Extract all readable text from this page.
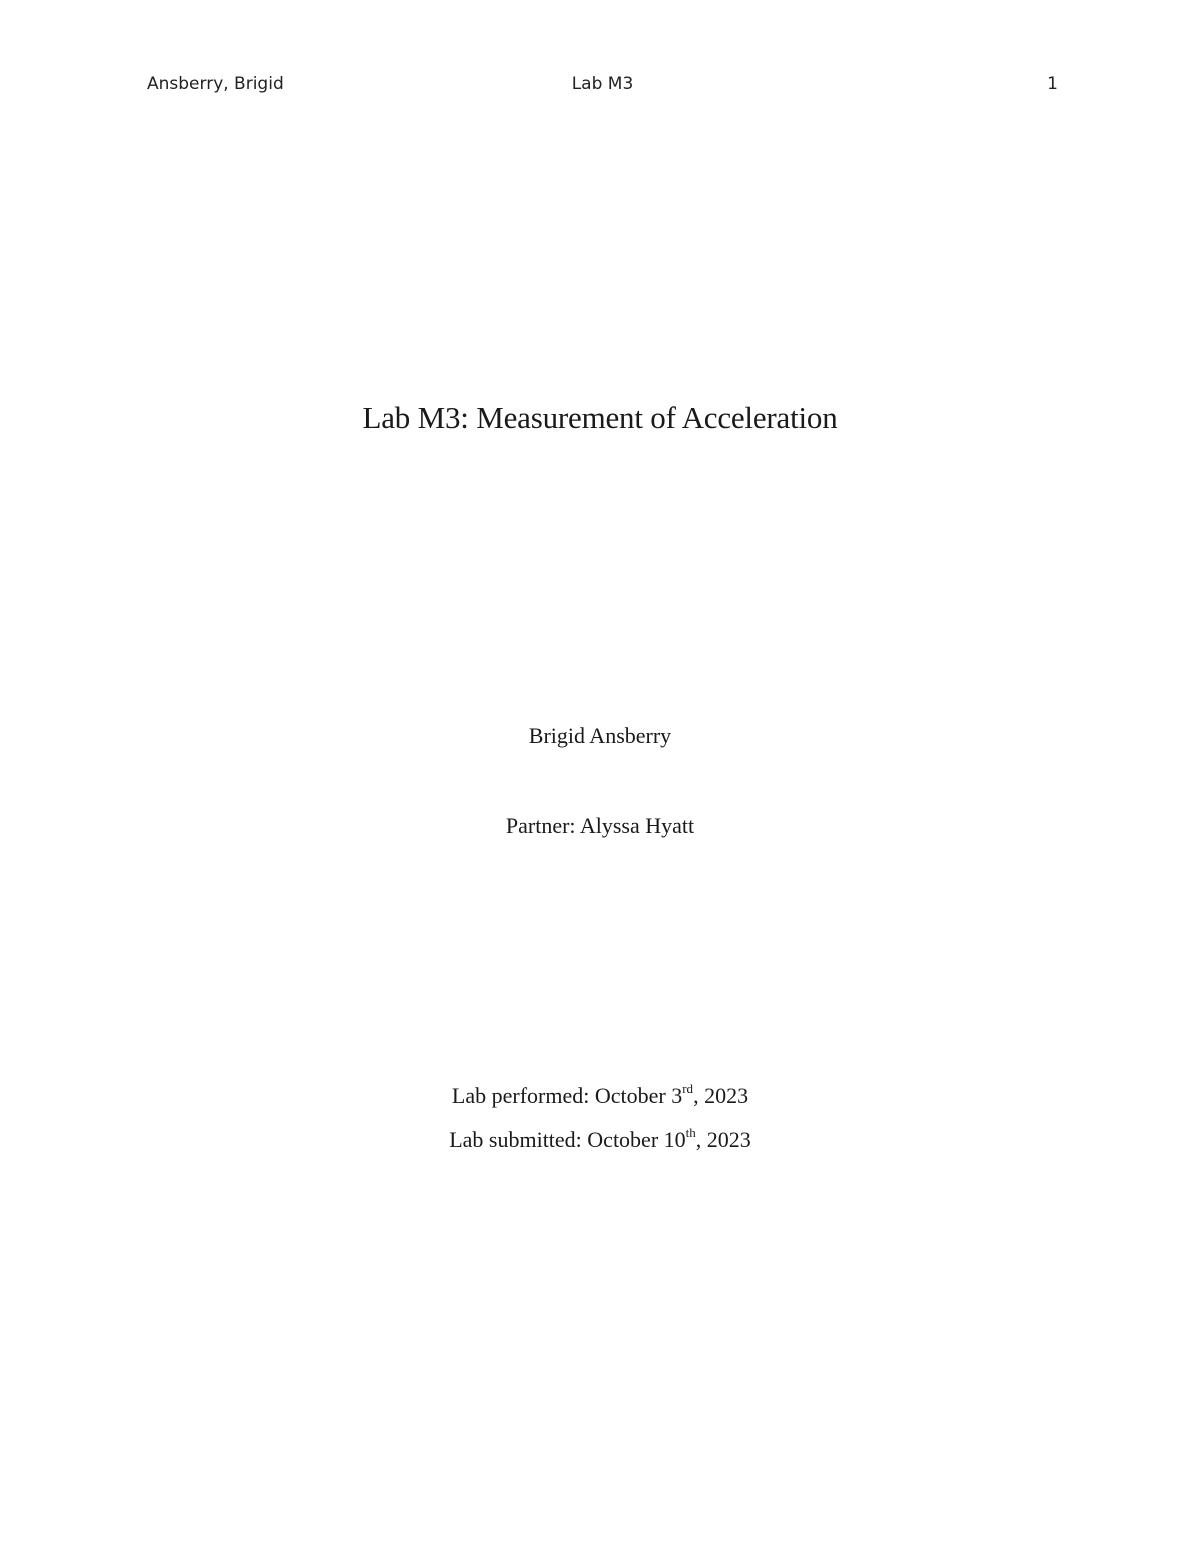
Ansberry, Brigid	Lab M3	1
Lab M3: Measurement of Acceleration
Brigid Ansberry
Partner: Alyssa Hyatt
Lab performed: October 3rd, 2023
Lab submitted: October 10th, 2023
